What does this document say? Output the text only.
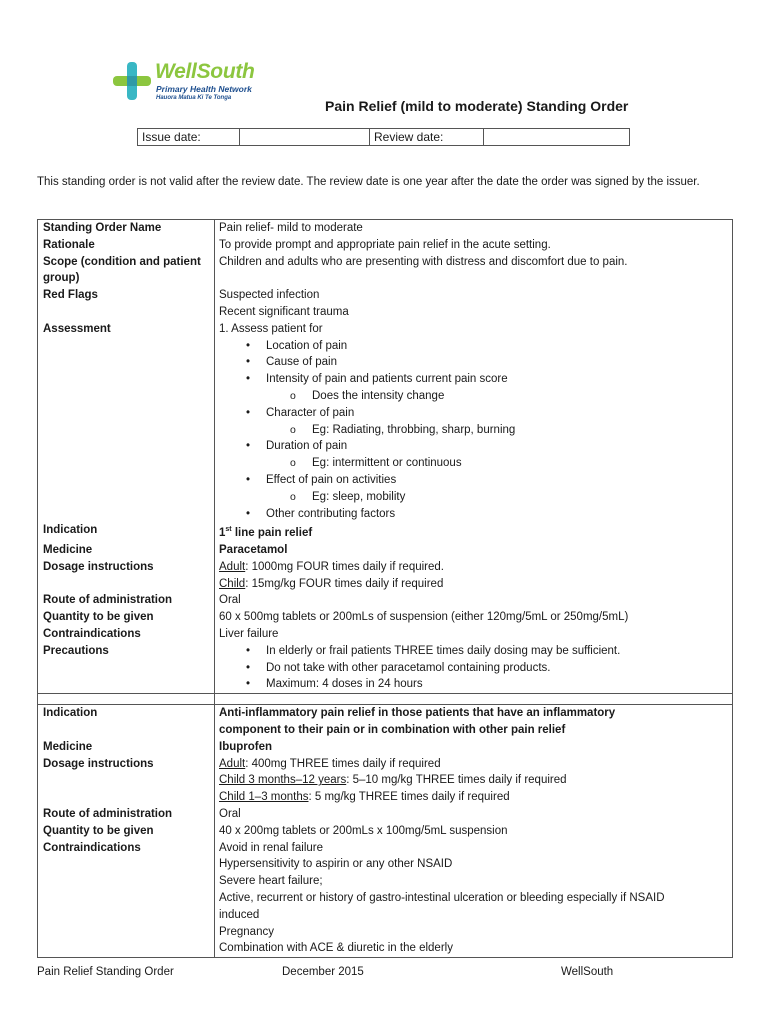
WellSouth
Primary Health Network
Hauora Matua Ki Te Tonga	Pain Relief (mild to moderate) Standing Order
Issue date:		Review date:	
This standing order is not valid after the review date. The review date is one year after the date the order was signed by the issuer.
Standing Order Name	Pain relief- mild to moderate
Rationale	To provide prompt and appropriate pain relief in the acute setting.
Scope (condition and patient group)
Children and adults who are presenting with distress and discomfort due to pain.
Red Flags	Suspected infection
Recent significant trauma
Assessment	1. Assess patient for
• Location of pain
• Cause of pain
• Intensity of pain and patients current pain score
o Does the intensity change
• Character of pain
o Eg: Radiating, throbbing, sharp, burning
• Duration of pain
o Eg: intermittent or continuous
• Effect of pain on activities
o Eg: sleep, mobility
• Other contributing factors
Indication	1st line pain relief
Medicine	Paracetamol
Dosage instructions	Adult: 1000mg FOUR times daily if required.
Child: 15mg/kg FOUR times daily if required
Route of administration	Oral
Quantity to be given	60 x 500mg tablets or 200mLs of suspension (either 120mg/5mL or 250mg/5mL)
Contraindications	Liver failure
Precautions
•	In elderly or frail patients THREE times daily dosing may be sufficient.
• Do not take with other paracetamol containing products.
• Maximum: 4 doses in 24 hours
Indication	Anti-inflammatory pain relief in those patients that have an inflammatory
component to their pain or in combination with other pain relief
Medicine	Ibuprofen
Dosage instructions	Adult: 400mg THREE times daily if required
Child 3 months–12 years: 5–10 mg/kg THREE times daily if required
Child 1–3 months: 5 mg/kg THREE times daily if required
Route of administration	Oral
Quantity to be given	40 x 200mg tablets or 200mLs x 100mg/5mL suspension
Contraindications	Avoid in renal failure
Hypersensitivity to aspirin or any other NSAID
Severe heart failure;
Active, recurrent or history of gastro-intestinal ulceration or bleeding especially if NSAID induced
Pregnancy
Combination with ACE & diuretic in the elderly
Pain Relief Standing Order	December 2015	WellSouth
